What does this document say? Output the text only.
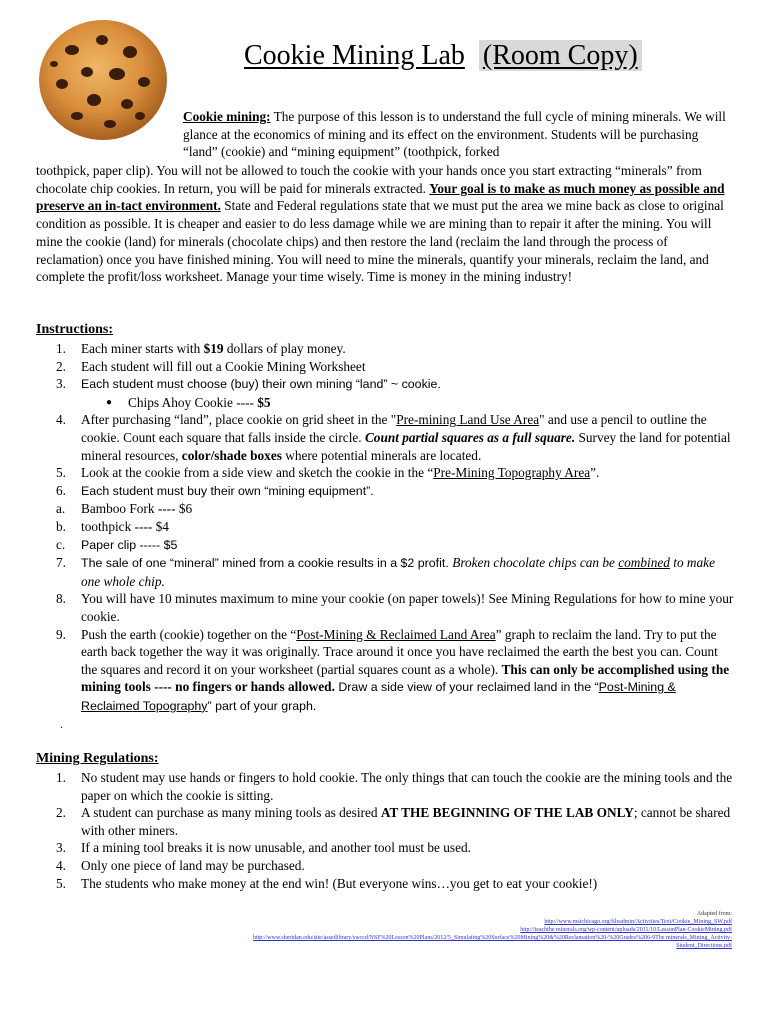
Cookie Mining Lab (Room Copy)
Cookie mining: The purpose of this lesson is to understand the full cycle of mining minerals. We will glance at the economics of mining and its effect on the environment. Students will be purchasing “land” (cookie) and “mining equipment” (toothpick, forked
toothpick, paper clip). You will not be allowed to touch the cookie with your hands once you start extracting “minerals” from chocolate chip cookies. In return, you will be paid for minerals extracted. Your goal is to make as much money as possible and preserve an in-tact environment. State and Federal regulations state that we must put the area we mine back as close to original condition as possible. It is cheaper and easier to do less damage while we are mining than to repair it after the mining. You will mine the cookie (land) for minerals (chocolate chips) and then restore the land (reclaim the land through the process of reclamation) once you have finished mining. You will need to mine the minerals, quantify your minerals, reclaim the land, and complete the profit/loss worksheet. Manage your time wisely. Time is money in the mining industry!
Instructions:
1. Each miner starts with $19 dollars of play money.
2. Each student will fill out a Cookie Mining Worksheet
3. Each student must choose (buy) their own mining “land” ~ cookie.
● Chips Ahoy Cookie ---- $5
4. After purchasing “land”, place cookie on grid sheet in the "Pre-mining Land Use Area" and use a pencil to outline the cookie. Count each square that falls inside the circle. Count partial squares as a full square. Survey the land for potential mineral resources, color/shade boxes where potential minerals are located.
5. Look at the cookie from a side view and sketch the cookie in the “Pre-Mining Topography Area”.
6. Each student must buy their own “mining equipment”.
a. Bamboo Fork ---- $6
b. toothpick ---- $4
c. Paper clip ----- $5
7. The sale of one “mineral” mined from a cookie results in a $2 profit. Broken chocolate chips can be combined to make one whole chip.
8. You will have 10 minutes maximum to mine your cookie (on paper towels)! See Mining Regulations for how to mine your cookie.
9. Push the earth (cookie) together on the “Post-Mining & Reclaimed Land Area” graph to reclaim the land. Try to put the earth back together the way it was originally. Trace around it once you have reclaimed the earth the best you can. Count the squares and record it on your worksheet (partial squares count as a whole). This can only be accomplished using the mining tools ---- no fingers or hands allowed. Draw a side view of your reclaimed land in the “Post-Mining & Reclaimed Topography” part of your graph.
.
Mining Regulations:
1. No student may use hands or fingers to hold cookie. The only things that can touch the cookie are the mining tools and the paper on which the cookie is sitting.
2. A student can purchase as many mining tools as desired AT THE BEGINNING OF THE LAB ONLY; cannot be shared with other miners.
3. If a mining tool breaks it is now unusable, and another tool must be used.
4. Only one piece of land may be purchased.
5. The students who make money at the end win! (But everyone wins…you get to eat your cookie!)
Adapted from:
http://www.msichicago.org/fileadmin/Activities/Text/Cookie_Mining_SW.pdf
http://teachthe minerals.org/wp-content/uploads/2011/10/LessonPlan-CookieMining.pdf
http://www.sheridan.edu/site/assetlibrary/swccd/NSF%20Lesson%20Plans/2012/5_Simulating%20Surface%20Mining%20&%20Reclamation%20-%20Grades%206-9The minerals_Mining_Activity-
Student_Directions.pdf
